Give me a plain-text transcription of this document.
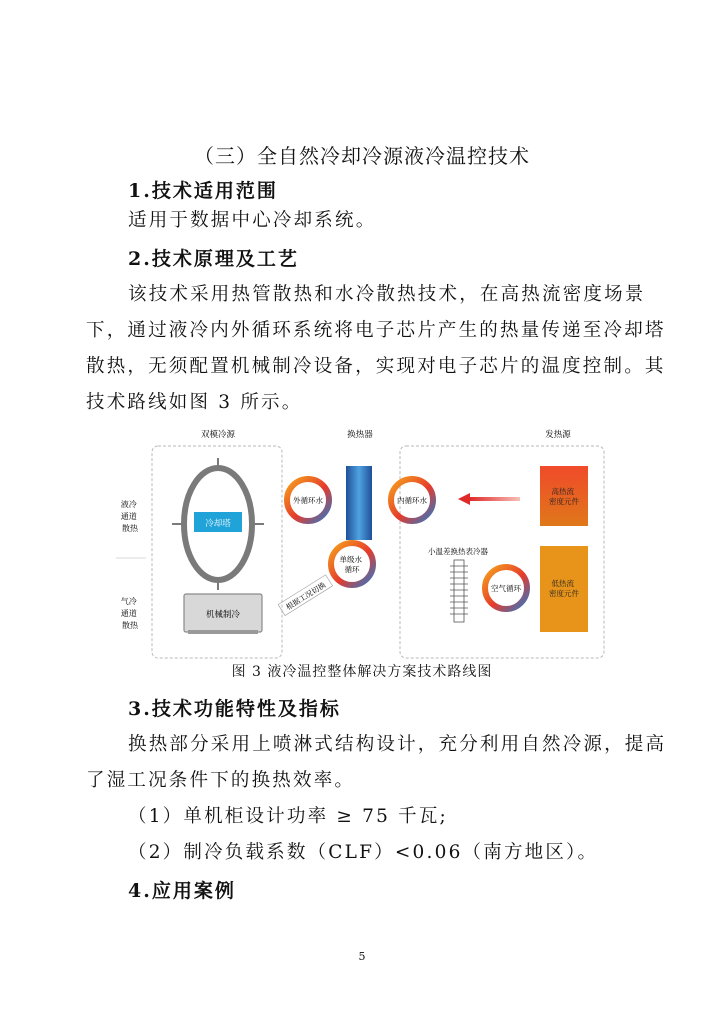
（三）全自然冷却冷源液冷温控技术
1.技术适用范围
适用于数据中心冷却系统。
2.技术原理及工艺
该技术采用热管散热和水冷散热技术，在高热流密度场景
下，通过液冷内外循环系统将电子芯片产生的热量传递至冷却塔
散热，无须配置机械制冷设备，实现对电子芯片的温度控制。其
技术路线如图 3 所示。
双模冷源	换热器	发热源
液冷 通道 散热
气冷 通道 散热
冷却塔
机械制冷
外循环水	内循环水
高热流 密度元件
单级水 循环
根据工况切换
小温差换热表冷器
空气循环
低热流 密度元件
图 3 液冷温控整体解决方案技术路线图
3.技术功能特性及指标
换热部分采用上喷淋式结构设计，充分利用自然冷源，提高
了湿工况条件下的换热效率。
（1）单机柜设计功率 ≥ 75 千瓦;
（2）制冷负载系数（CLF）<0.06（南方地区）。
4.应用案例
5
